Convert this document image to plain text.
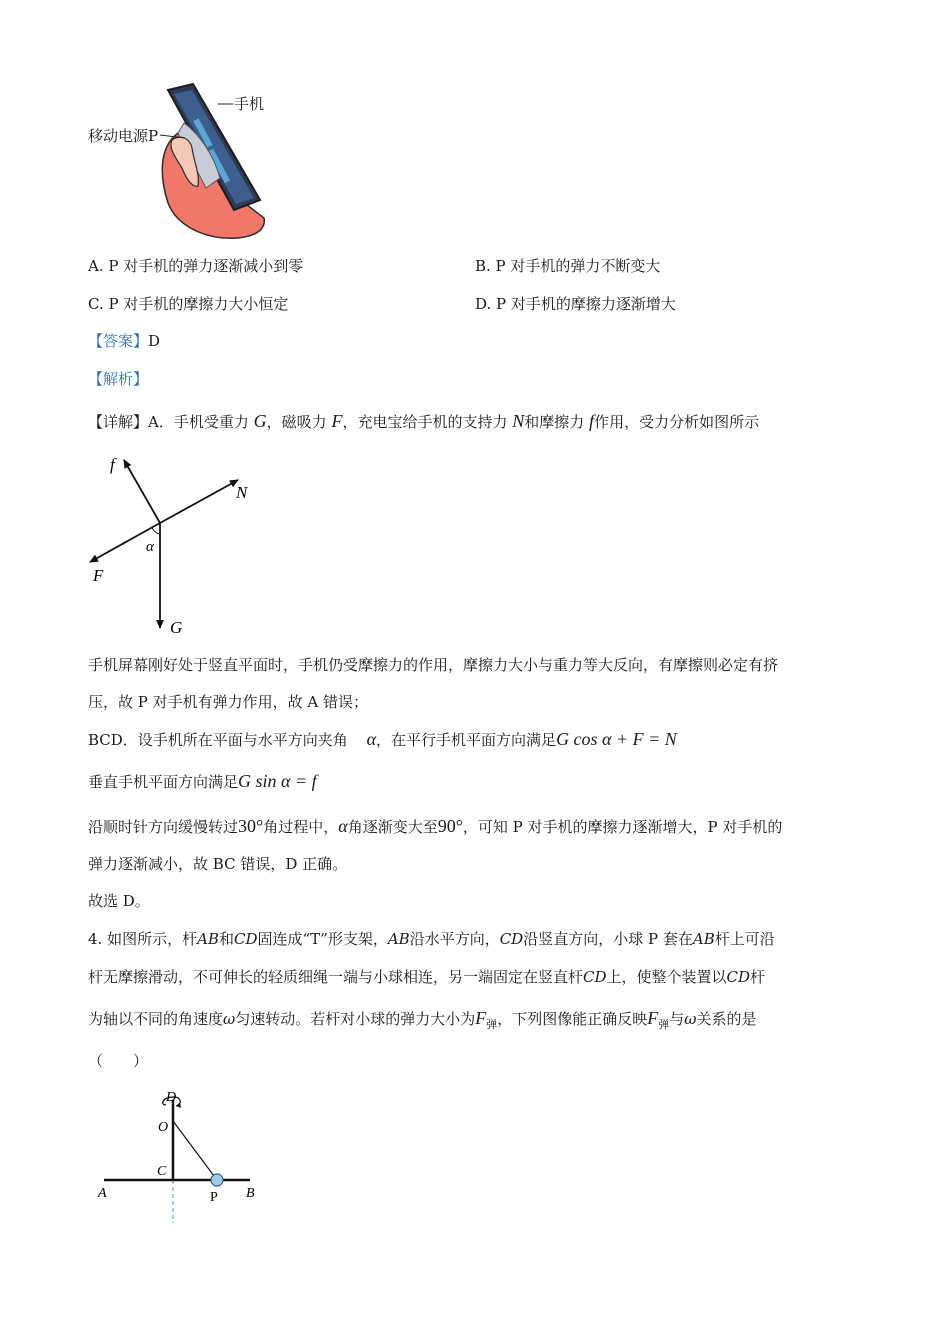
手机
移动电源P
A. P 对手机的弹力逐渐减小到零	B. P 对手机的弹力不断变大
C. P 对手机的摩擦力大小恒定	D. P 对手机的摩擦力逐渐增大
【答案】D
【解析】
【详解】A．手机受重力 G，磁吸力 F，充电宝给手机的支持力 N和摩擦力 f作用，受力分析如图所示
f
N
α
F
G
手机屏幕刚好处于竖直平面时，手机仍受摩擦力的作用，摩擦力大小与重力等大反向，有摩擦则必定有挤
压，故 P 对手机有弹力作用，故 A 错误；
BCD．设手机所在平面与水平方向夹角 α，在平行手机平面方向满足G cos α + F = N
垂直手机平面方向满足G sin α = f
沿顺时针方向缓慢转过30°角过程中，α角逐渐变大至90°，可知 P 对手机的摩擦力逐渐增大，P 对手机的
弹力逐渐减小，故 BC 错误，D 正确。
故选 D。
4. 如图所示，杆AB和CD固连成“T”形支架，AB沿水平方向，CD沿竖直方向，小球 P 套在AB杆上可沿
杆无摩擦滑动，不可伸长的轻质细绳一端与小球相连，另一端固定在竖直杆CD上，使整个装置以CD杆
为轴以不同的角速度ω匀速转动。若杆对小球的弹力大小为$F_弹$，下列图像能正确反映$F_弹$与ω关系的是
（　　）
D
O
C
A	P B
